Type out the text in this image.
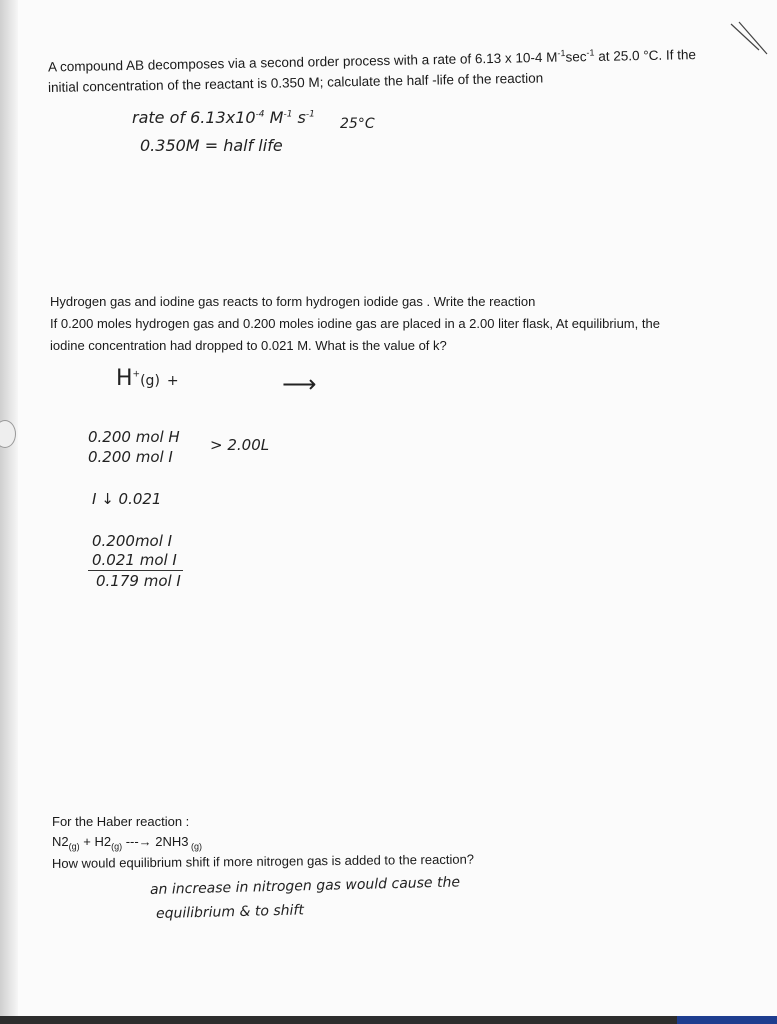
A compound AB decomposes via a second order process with a rate of 6.13 x 10-4 $M^{-1}\sec^{-1}$ at 25.0 °C. If the
initial concentration of the reactant is 0.350 M; calculate the half -life of the reaction
rate of $6.13x10^{-4}$ $M^{-1}$ $s^{-1}$
25°C
0.350M = half life
Hydrogen gas and iodine gas reacts to form hydrogen iodide gas . Write the reaction
If 0.200 moles hydrogen gas and 0.200 moles iodine gas are placed in a 2.00 liter flask, At equilibrium, the
iodine concentration had dropped to 0.021 M. What is the value of k?
H+(g) +	⟶
0.200 mol H
0.200 mol I
> 2.00L
I ↓ 0.021
0.200mol I
0.021 mol I
0.179 mol I
For the Haber reaction :
$N2_{(g)} + H2_{(g)}$ ---→ 2NH3 $_{(g)}$
How would equilibrium shift if more nitrogen gas is added to the reaction?
an increase in nitrogen gas would cause the
equilibrium & to shift
